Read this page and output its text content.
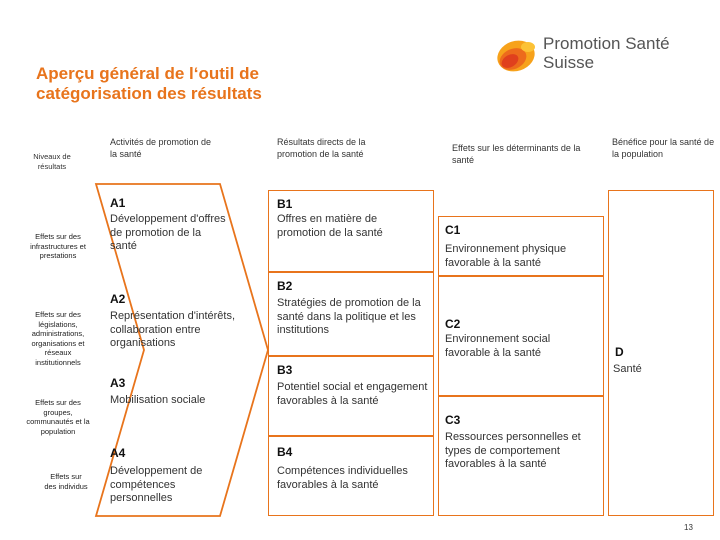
Aperçu général de l‘outil de catégorisation des résultats
Promotion Santé
Suisse
Niveaux de résultats
Activités de promotion de la santé
Résultats directs de la promotion de la santé
Effets sur les déterminants de la santé
Bénéfice pour la santé de la population
Effets sur des infrastructures et prestations
Effets sur des législations, administrations, organisations et réseaux institutionnels
Effets sur des groupes, communautés et la population
Effets sur des individus
A1
Développement d'offres de promotion de la santé
A2
Représentation d'intérêts, collaboration entre organisations
A3
Mobilisation sociale
A4
Développement de compétences personnelles
B1
Offres en matière de promotion de la santé
B2
Stratégies de promotion de la santé dans la politique et les institutions
B3
Potentiel social et engagement favorables à la santé
B4
Compétences individuelles favorables à la santé
C1
Environnement physique favorable à la santé
C2
Environnement social favorable à la santé
C3
Ressources personnelles et types de comportement favorables à la santé
D
Santé
13
